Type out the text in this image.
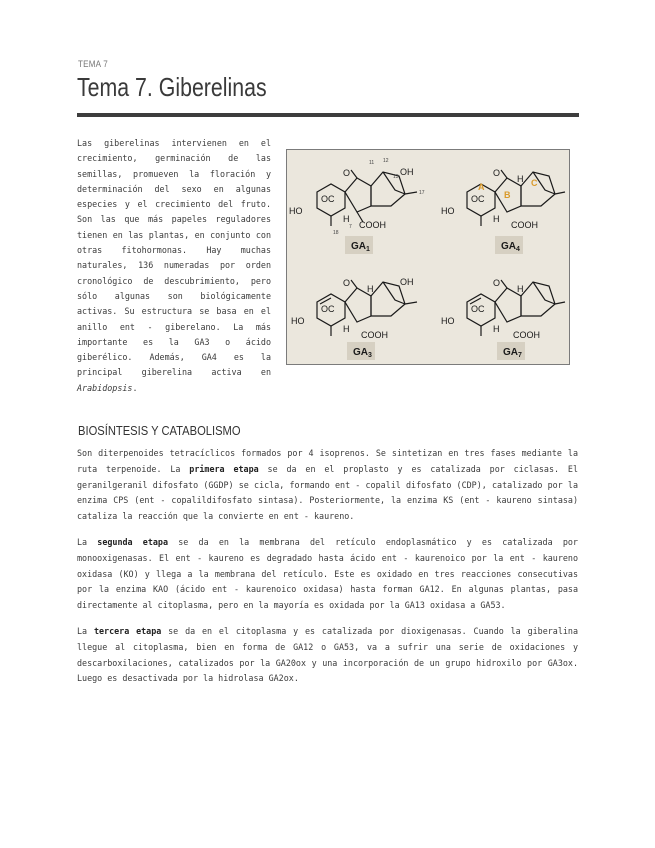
TEMA 7
Tema 7. Giberelinas
Las giberelinas intervienen en el crecimiento, germinación de las semillas, promueven la floración y determinación del sexo en algunas especies y el crecimiento del fruto. Son las que más papeles reguladores tienen en las plantas, en conjunto con otras fitohormonas. Hay muchas naturales, 136 numeradas por orden cronológico de descubrimiento, pero sólo algunas son biológicamente activas. Su estructura se basa en el anillo ent - giberelano. La más importante es la GA3 o ácido giberélico. Además, GA4 es la principal giberelina activa en Arabidopsis.
O
OC
HO
H
COOH
OH
11 12
13
17
18
7
$GA_1$
O
OC
HO
H
H
COOH
A
B
C
$GA_4$
O
OC
HO
H
H
COOH
OH
$GA_3$
O
OC
HO
H
H
COOH
$GA_7$
BIOSÍNTESIS Y CATABOLISMO

Son diterpenoides tetracíclicos formados por 4 isoprenos. Se sintetizan en tres fases mediante la ruta terpenoide. La primera etapa se da en el proplasto y es catalizada por ciclasas. El geranilgeranil difosfato (GGDP) se cicla, formando ent - copalil difosfato (CDP), catalizado por la enzima CPS (ent - copalildifosfato sintasa). Posteriormente, la enzima KS (ent - kaureno sintasa) cataliza la reacción que la convierte en ent - kaureno.

La segunda etapa se da en la membrana del retículo endoplasmático y es catalizada por monooxigenasas. El ent - kaureno es degradado hasta ácido ent - kaurenoico por la ent - kaureno oxidasa (KO) y llega a la membrana del retículo. Este es oxidado en tres reacciones consecutivas por la enzima KAO (ácido ent - kaurenoico oxidasa) hasta forman GA12. En algunas plantas, pasa directamente al citoplasma, pero en la mayoría es oxidada por la GA13 oxidasa a GA53.

La tercera etapa se da en el citoplasma y es catalizada por dioxigenasas. Cuando la giberalina llegue al citoplasma, bien en forma de GA12 o GA53, va a sufrir una serie de oxidaciones y descarboxilaciones, catalizados por la GA20ox y una incorporación de un grupo hidroxilo por GA3ox. Luego es desactivada por la hidrolasa GA2ox.
